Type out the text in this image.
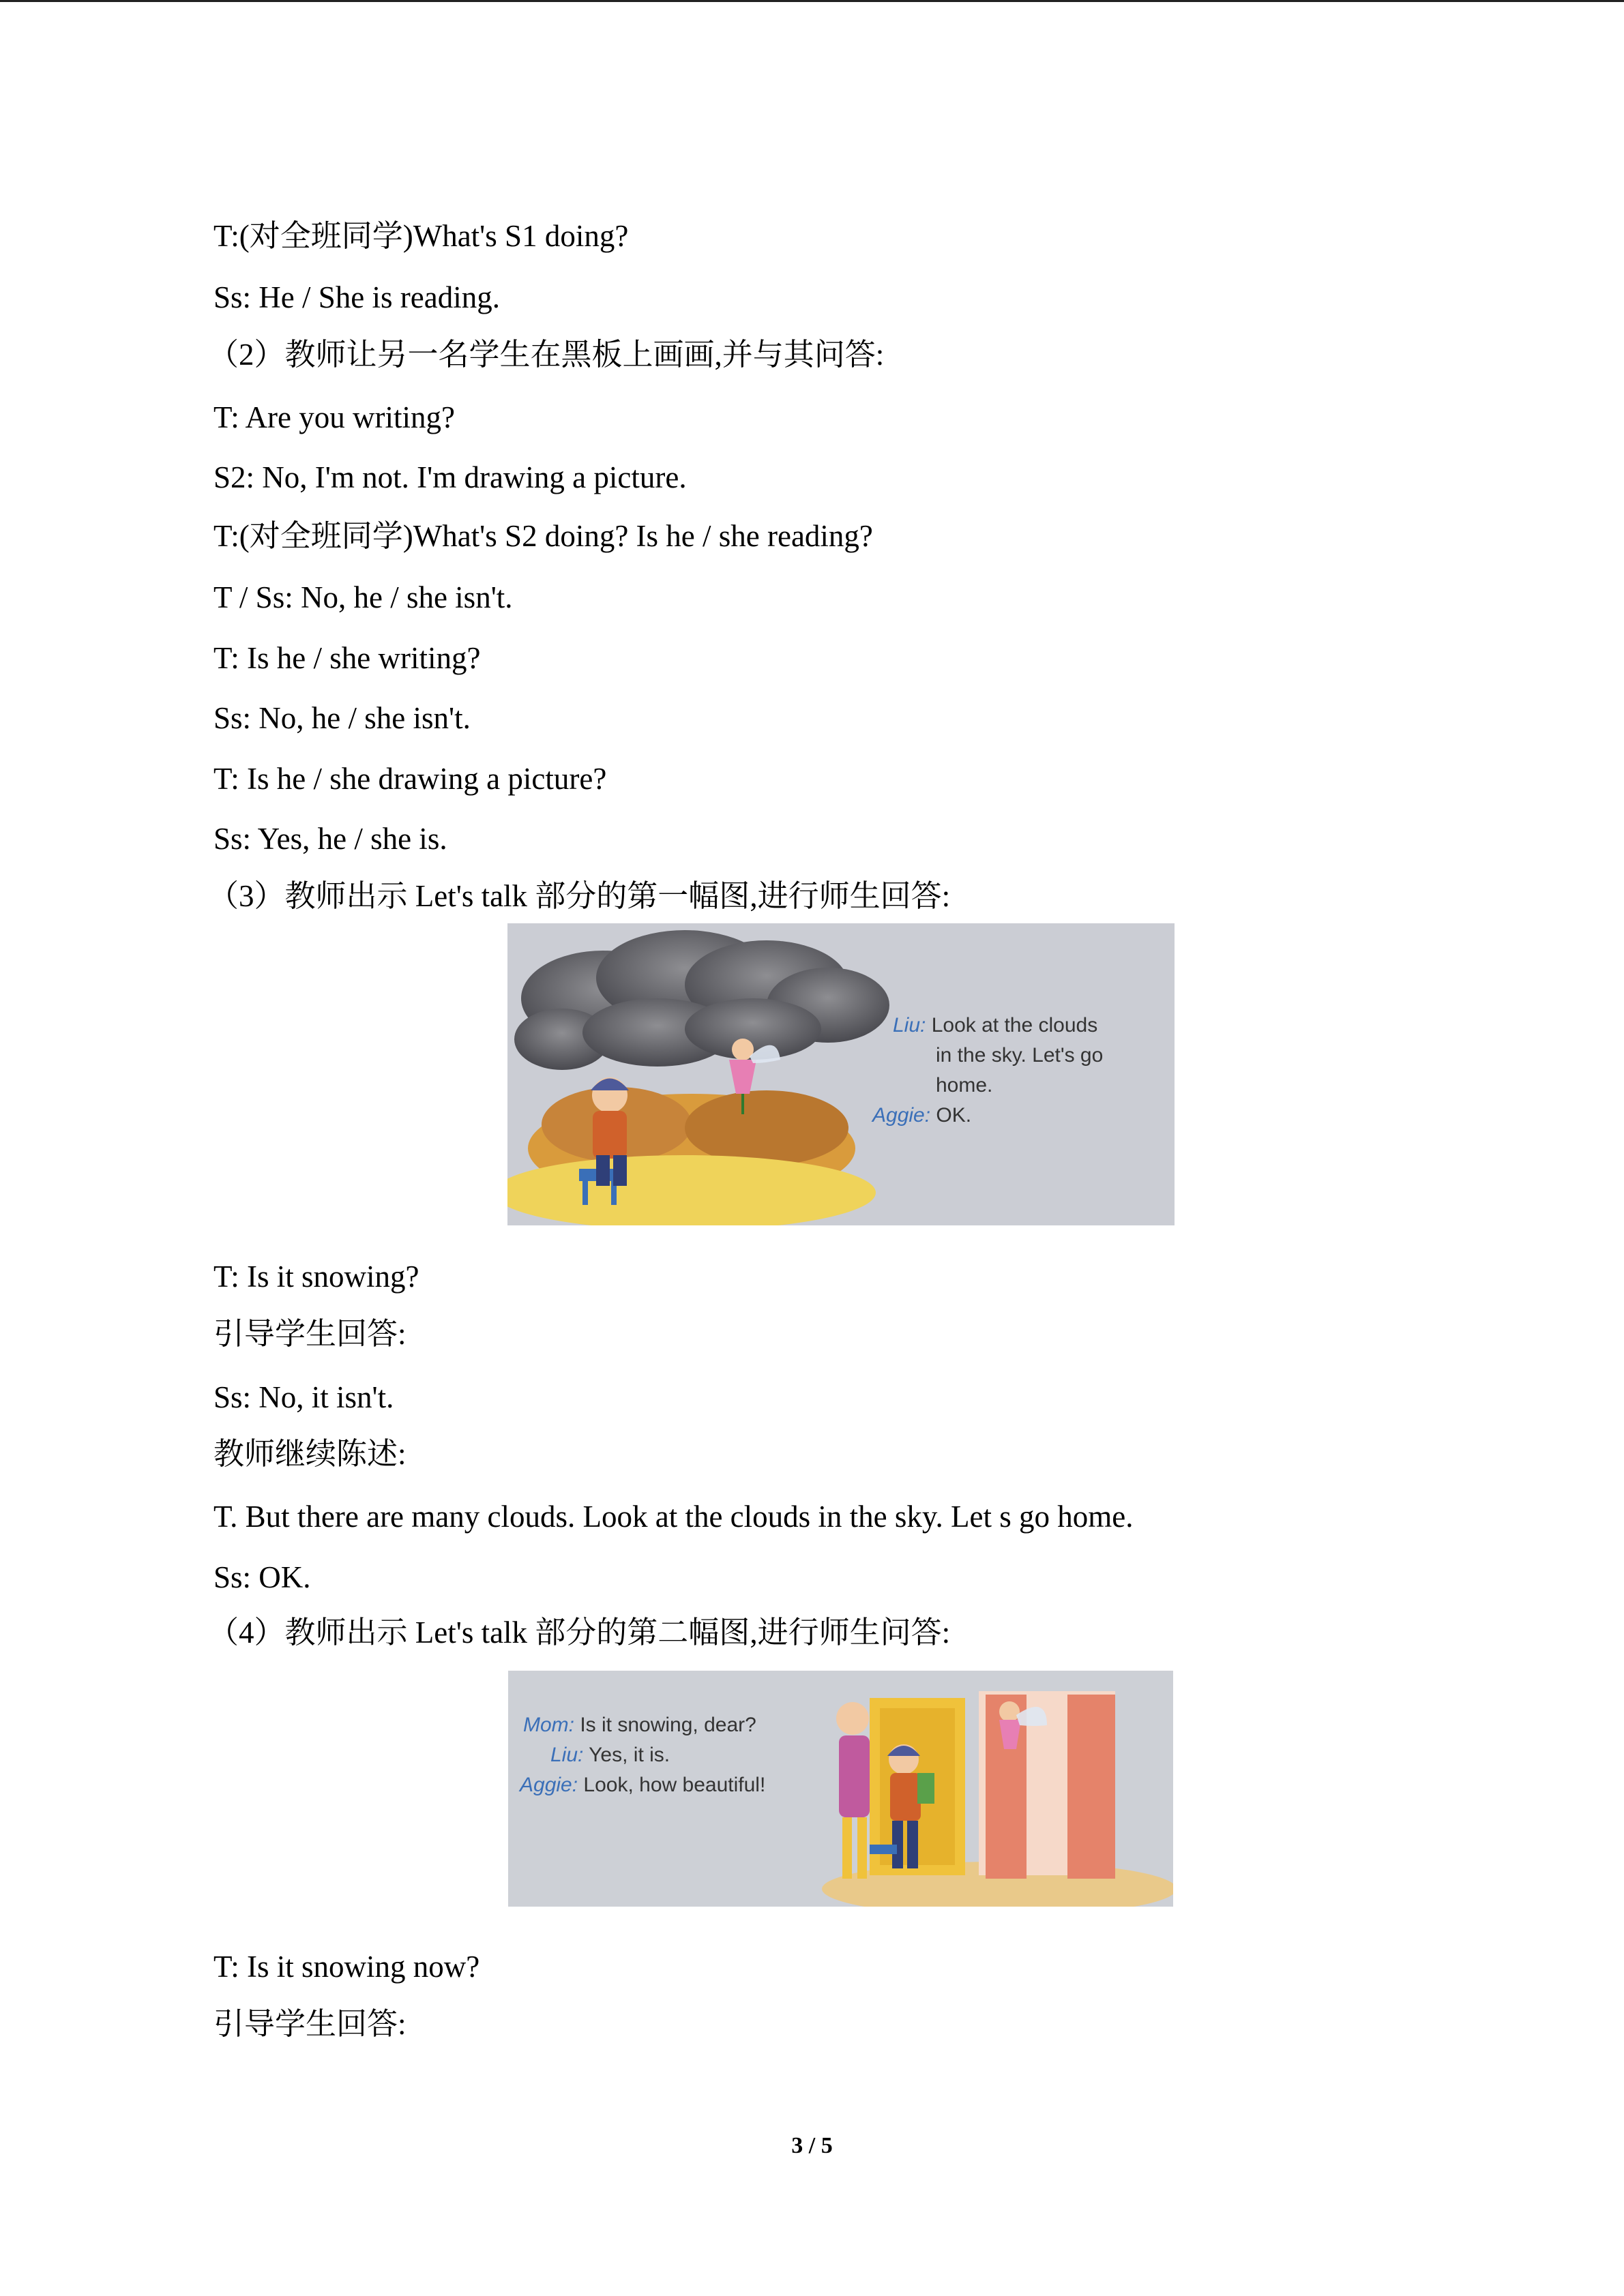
T:(对全班同学)What's S1 doing?
Ss: He / She is reading.
（2）教师让另一名学生在黑板上画画,并与其问答:
T: Are you writing?
S2: No, I'm not. I'm drawing a picture.
T:(对全班同学)What's S2 doing? Is he / she reading?
T / Ss: No, he / she isn't.
T: Is he / she writing?
Ss: No, he / she isn't.
T: Is he / she drawing a picture?
Ss: Yes, he / she is.
（3）教师出示 Let's talk 部分的第一幅图,进行师生回答:
Liu: Look at the clouds
in the sky. Let's go
home.
Aggie: OK.
T: Is it snowing?
引导学生回答:
Ss: No, it isn't.
教师继续陈述:
T. But there are many clouds. Look at the clouds in the sky. Let s go home.
Ss: OK.
（4）教师出示 Let's talk 部分的第二幅图,进行师生问答:
Mom: Is it snowing, dear?
Liu: Yes, it is.
Aggie: Look, how beautiful!
T: Is it snowing now?
引导学生回答:
3 / 5
